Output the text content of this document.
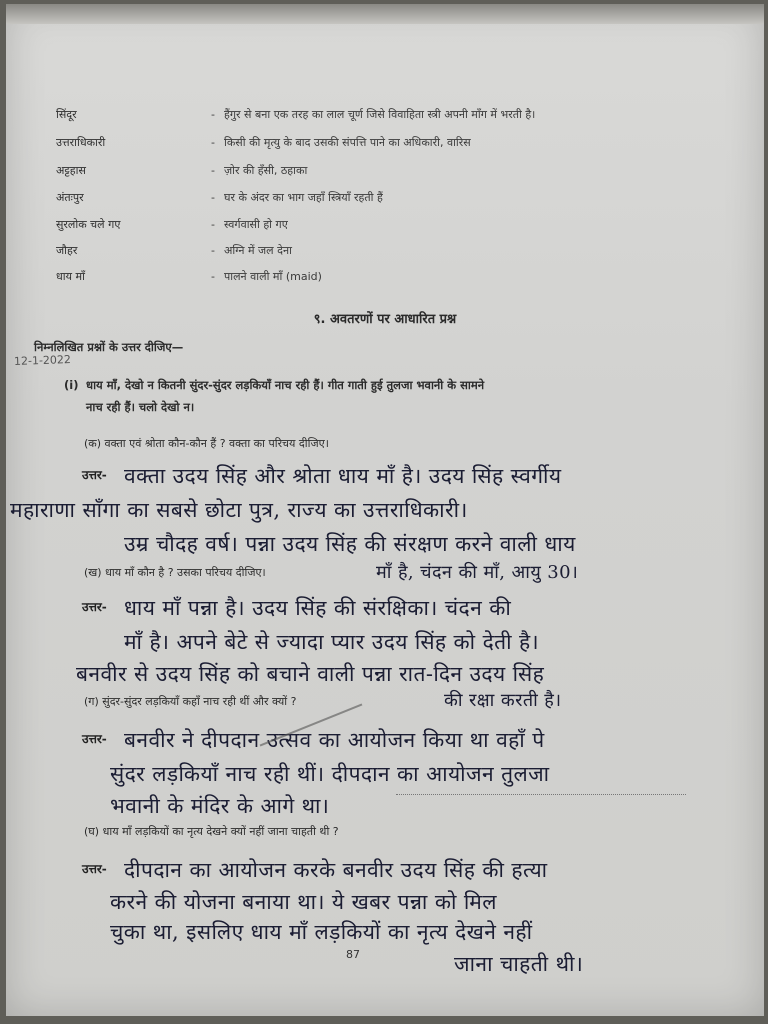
सिंदूर	- हैंगुर से बना एक तरह का लाल चूर्ण जिसे विवाहिता स्त्री अपनी माँग में भरती है।
उत्तराधिकारी	- किसी की मृत्यु के बाद उसकी संपत्ति पाने का अधिकारी, वारिस
अट्टहास	- ज़ोर की हँसी, ठहाका
अंतःपुर	- घर के अंदर का भाग जहाँ स्त्रियाँ रहती हैं
सुरलोक चले गए	- स्वर्गवासी हो गए
जौहर	- अग्नि में जल देना
धाय माँ	- पालने वाली माँ (maid)
९. अवतरणों पर आधारित प्रश्न
निम्नलिखित प्रश्नों के उत्तर दीजिए—
12-1-2022
(i) धाय माँ, देखो न कितनी सुंदर-सुंदर लड़कियाँ नाच रही हैं। गीत गाती हुई तुलजा भवानी के सामने
नाच रही हैं। चलो देखो न।
(क) वक्ता एवं श्रोता कौन-कौन हैं ? वक्ता का परिचय दीजिए।
उत्तर- वक्ता उदय सिंह और श्रोता धाय माँ है। उदय सिंह स्वर्गीय
महाराणा साँगा का सबसे छोटा पुत्र, राज्य का उत्तराधिकारी।
उम्र चौदह वर्ष। पन्ना उदय सिंह की संरक्षण करने वाली धाय
(ख) धाय माँ कौन है ? उसका परिचय दीजिए।	माँ है, चंदन की माँ, आयु 30।
उत्तर- धाय माँ पन्ना है। उदय सिंह की संरक्षिका। चंदन की
माँ है। अपने बेटे से ज्यादा प्यार उदय सिंह को देती है।
बनवीर से उदय सिंह को बचाने वाली पन्ना रात-दिन उदय सिंह
(ग) सुंदर-सुंदर लड़कियाँ कहाँ नाच रही थीं और क्यों ?	की रक्षा करती है।
उत्तर- बनवीर ने दीपदान उत्सव का आयोजन किया था वहाँ पे
सुंदर लड़कियाँ नाच रही थीं। दीपदान का आयोजन तुलजा
भवानी के मंदिर के आगे था।
(घ) धाय माँ लड़कियों का नृत्य देखने क्यों नहीं जाना चाहती थी ?
उत्तर- दीपदान का आयोजन करके बनवीर उदय सिंह की हत्या
करने की योजना बनाया था। ये खबर पन्ना को मिल
चुका था, इसलिए धाय माँ लड़कियों का नृत्य देखने नहीं
जाना चाहती थी।
87
